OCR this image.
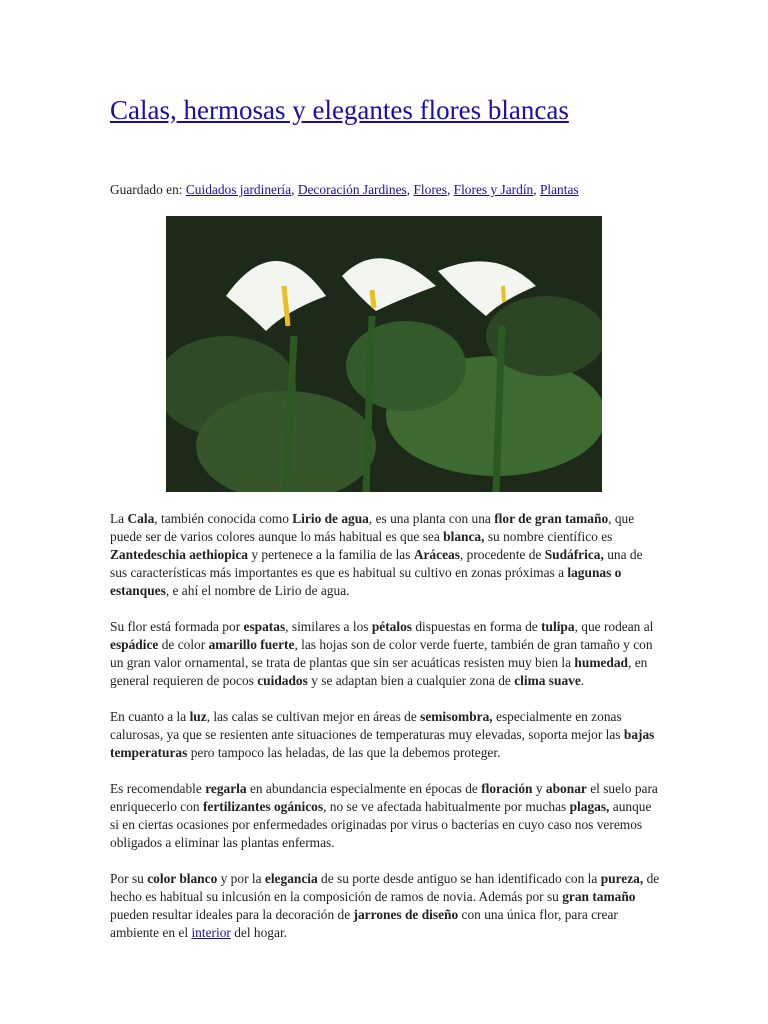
Calas, hermosas y elegantes flores blancas
Guardado en: Cuidados jardinería, Decoración Jardines, Flores, Flores y Jardín, Plantas

La Cala, también conocida como Lirio de agua, es una planta con una flor de gran tamaño, que puede ser de varios colores aunque lo más habitual es que sea blanca, su nombre científico es Zantedeschia aethiopica y pertenece a la familia de las Aráceas, procedente de Sudáfrica, una de sus características más importantes es que es habitual su cultivo en zonas próximas a lagunas o estanques, e ahí el nombre de Lirio de agua.

Su flor está formada por espatas, similares a los pétalos dispuestas en forma de tulipa, que rodean al espádice de color amarillo fuerte, las hojas son de color verde fuerte, también de gran tamaño y con un gran valor ornamental, se trata de plantas que sin ser acuáticas resisten muy bien la humedad, en general requieren de pocos cuidados y se adaptan bien a cualquier zona de clima suave.

En cuanto a la luz, las calas se cultivan mejor en áreas de semisombra, especialmente en zonas calurosas, ya que se resienten ante situaciones de temperaturas muy elevadas, soporta mejor las bajas temperaturas pero tampoco las heladas, de las que la debemos proteger.

Es recomendable regarla en abundancia especialmente en épocas de floración y abonar el suelo para enriquecerlo con fertilizantes ogánicos, no se ve afectada habitualmente por muchas plagas, aunque si en ciertas ocasiones por enfermedades originadas por virus o bacterias en cuyo caso nos veremos obligados a eliminar las plantas enfermas.

Por su color blanco y por la elegancia de su porte desde antiguo se han identificado con la pureza, de hecho es habitual su inlcusión en la composición de ramos de novia. Además por su gran tamaño pueden resultar ideales para la decoración de jarrones de diseño con una única flor, para crear ambiente en el interior del hogar.
